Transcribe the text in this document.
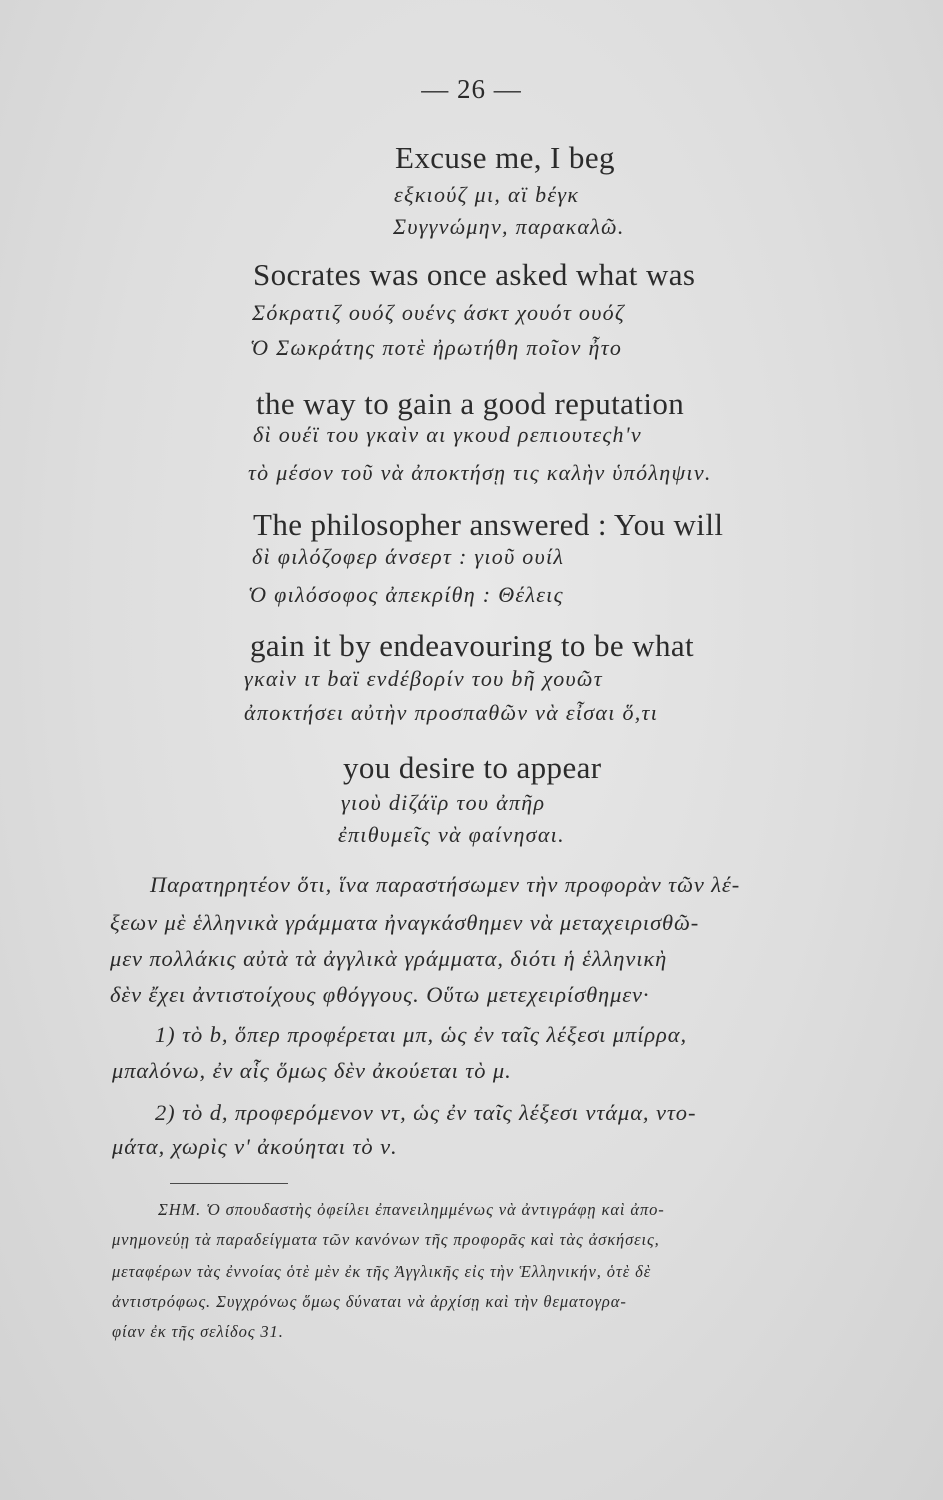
— 26 —
Excuse me, I beg
εξκιούζ μι, αϊ bέγκ
Συγγνώμην, παρακαλῶ.
Socrates was once asked what was
Σόκρατιζ ουόζ ουένς άσκτ χουότ ουόζ
Ὁ Σωκράτης ποτὲ ἠρωτήθη ποῖον ἦτο
the way to gain a good reputation
δὶ ουέϊ του γκαὶν αι γκουd ρεπιουτεςh'ν
τὸ μέσον τοῦ νὰ ἀποκτήσῃ τις καλὴν ὑπόληψιν.
The philosopher answered : You will
δὶ φιλόζοφερ άνσερτ : γιοῦ ουίλ
Ὁ φιλόσοφος ἀπεκρίθη : Θέλεις
gain it by endeavouring to be what
γκαὶν ιτ bαϊ ενdέβορίν του bῆ χουῶτ
ἀποκτήσει αὐτὴν προσπαθῶν νὰ εἶσαι ὅ,τι
you desire to appear
γιοὺ diζάϊρ του ἀπῆρ
ἐπιθυμεῖς νὰ φαίνησαι.
Παρατηρητέον ὅτι, ἵνα παραστήσωμεν τὴν προφορὰν τῶν λέ-
ξεων μὲ ἑλληνικὰ γράμματα ἠναγκάσθημεν νὰ μεταχειρισθῶ-
μεν πολλάκις αὐτὰ τὰ ἀγγλικὰ γράμματα, διότι ἡ ἑλληνικὴ
δὲν ἔχει ἀντιστοίχους φθόγγους. Οὕτω μετεχειρίσθημεν·
1) τὸ b, ὅπερ προφέρεται μπ, ὡς ἐν ταῖς λέξεσι μπίρρα,
μπαλόνω, ἐν αἷς ὅμως δὲν ἀκούεται τὸ μ.
2) τὸ d, προφερόμενον ντ, ὡς ἐν ταῖς λέξεσι ντάμα, ντο-
μάτα, χωρὶς ν' ἀκούηται τὸ ν.
ΣΗΜ. Ὁ σπουδαστὴς ὀφείλει ἐπανειλημμένως νὰ ἀντιγράφῃ καὶ ἀπο-
μνημονεύῃ τὰ παραδείγματα τῶν κανόνων τῆς προφορᾶς καὶ τὰς ἀσκήσεις,
μεταφέρων τὰς ἐννοίας ὁτὲ μὲν ἐκ τῆς Ἀγγλικῆς εἰς τὴν Ἑλληνικήν, ὁτὲ δὲ
ἀντιστρόφως. Συγχρόνως ὅμως δύναται νὰ ἀρχίσῃ καὶ τὴν θεματογρα-
φίαν ἐκ τῆς σελίδος 31.
